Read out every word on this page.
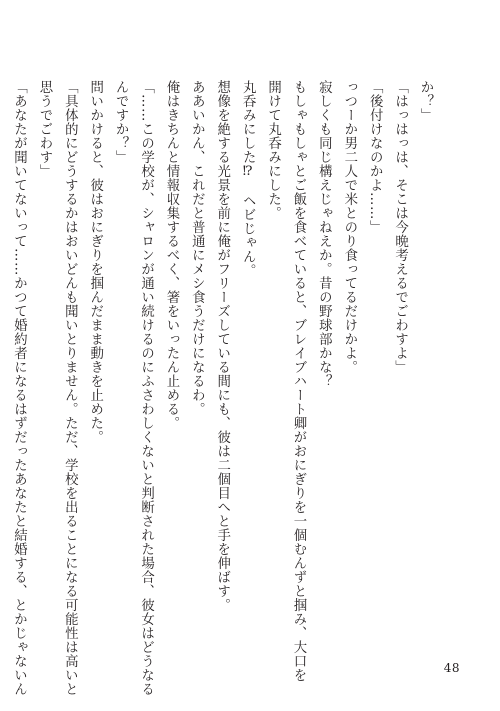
か？」
「はっはっは、そこは今晩考えるでごわすよ」
「後付けなのかよ……」
っつーか男二人で米とのり食ってるだけかよ。
寂しくも同じ構えじゃねえか。昔の野球部かな？
もしゃもしゃとご飯を食べていると、ブレイブハート卿がおにぎりを一個むんずと掴み、大口を
開けて丸呑みにした。
丸呑みにした⁉　ヘビじゃん。
想像を絶する光景を前に俺がフリーズしている間にも、彼は二個目へと手を伸ばす。
ああいかん、これだと普通にメシ食うだけになるわ。
俺はきちんと情報収集するべく、箸をいったん止める。
「……この学校が、シャロンが通い続けるのにふさわしくないと判断された場合、彼女はどうなる
んですか？」
問いかけると、彼はおにぎりを掴んだまま動きを止めた。
「具体的にどうするかはおいどんも聞いとりません。ただ、学校を出ることになる可能性は高いと
思うでごわす」
「あなたが聞いてないって……かつて婚約者になるはずだったあなたと結婚する、とかじゃないん	48
